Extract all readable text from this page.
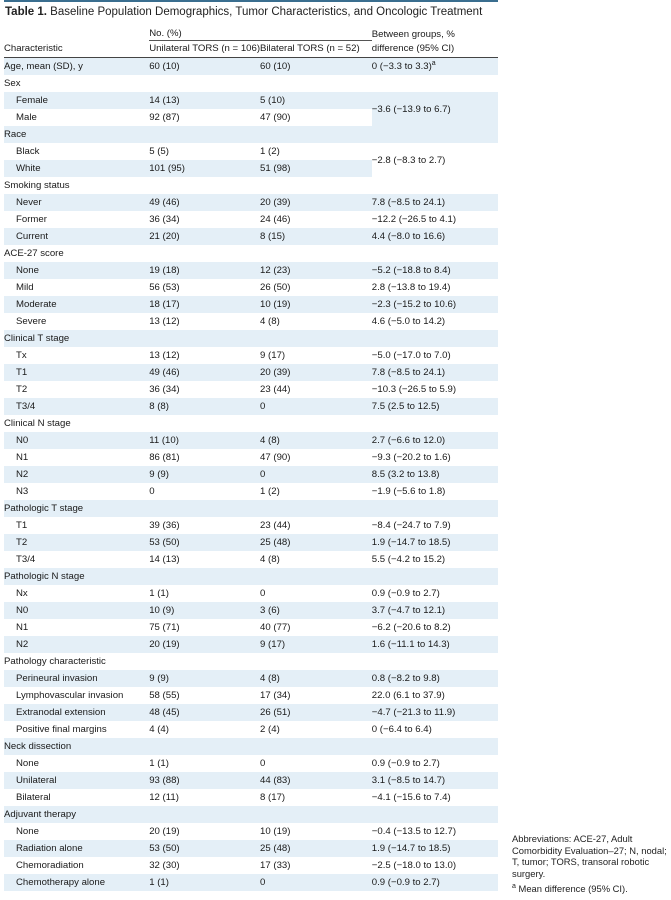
Table 1. Baseline Population Demographics, Tumor Characteristics, and Oncologic Treatment
	No. (%)		Between groups, %
Characteristic	Unilateral TORS (n = 106)	Bilateral TORS (n = 52)	difference (95% CI)
Age, mean (SD), y	60 (10)	60 (10)	0 (−3.3 to 3.3)$^a$
Sex			
Female	14 (13)	5 (10)	−3.6 (−13.9 to 6.7)
Male	92 (87)	47 (90)	
Race			
Black	5 (5)	1 (2)	−2.8 (−8.3 to 2.7)
White	101 (95)	51 (98)	
Smoking status			
Never	49 (46)	20 (39)	7.8 (−8.5 to 24.1)
Former	36 (34)	24 (46)	−12.2 (−26.5 to 4.1)
Current	21 (20)	8 (15)	4.4 (−8.0 to 16.6)
ACE-27 score			
None	19 (18)	12 (23)	−5.2 (−18.8 to 8.4)
Mild	56 (53)	26 (50)	2.8 (−13.8 to 19.4)
Moderate	18 (17)	10 (19)	−2.3 (−15.2 to 10.6)
Severe	13 (12)	4 (8)	4.6 (−5.0 to 14.2)
Clinical T stage			
Tx	13 (12)	9 (17)	−5.0 (−17.0 to 7.0)
T1	49 (46)	20 (39)	7.8 (−8.5 to 24.1)
T2	36 (34)	23 (44)	−10.3 (−26.5 to 5.9)
T3/4	8 (8)	0	7.5 (2.5 to 12.5)
Clinical N stage			
N0	11 (10)	4 (8)	2.7 (−6.6 to 12.0)
N1	86 (81)	47 (90)	−9.3 (−20.2 to 1.6)
N2	9 (9)	0	8.5 (3.2 to 13.8)
N3	0	1 (2)	−1.9 (−5.6 to 1.8)
Pathologic T stage			
T1	39 (36)	23 (44)	−8.4 (−24.7 to 7.9)
T2	53 (50)	25 (48)	1.9 (−14.7 to 18.5)
T3/4	14 (13)	4 (8)	5.5 (−4.2 to 15.2)
Pathologic N stage			
Nx	1 (1)	0	0.9 (−0.9 to 2.7)
N0	10 (9)	3 (6)	3.7 (−4.7 to 12.1)
N1	75 (71)	40 (77)	−6.2 (−20.6 to 8.2)
N2	20 (19)	9 (17)	1.6 (−11.1 to 14.3)
Pathology characteristic			
Perineural invasion	9 (9)	4 (8)	0.8 (−8.2 to 9.8)
Lymphovascular invasion	58 (55)	17 (34)	22.0 (6.1 to 37.9)
Extranodal extension	48 (45)	26 (51)	−4.7 (−21.3 to 11.9)
Positive final margins	4 (4)	2 (4)	0 (−6.4 to 6.4)
Neck dissection			
None	1 (1)	0	0.9 (−0.9 to 2.7)
Unilateral	93 (88)	44 (83)	3.1 (−8.5 to 14.7)
Bilateral	12 (11)	8 (17)	−4.1 (−15.6 to 7.4)
Adjuvant therapy			
None	20 (19)	10 (19)	−0.4 (−13.5 to 12.7)
Radiation alone	53 (50)	25 (48)	1.9 (−14.7 to 18.5)
Chemoradiation	32 (30)	17 (33)	−2.5 (−18.0 to 13.0)
Chemotherapy alone	1 (1)	0	0.9 (−0.9 to 2.7)

Abbreviations: ACE-27, Adult Comorbidity Evaluation–27; N, nodal; T, tumor; TORS, transoral robotic surgery.

$^a$ Mean difference (95% CI).
